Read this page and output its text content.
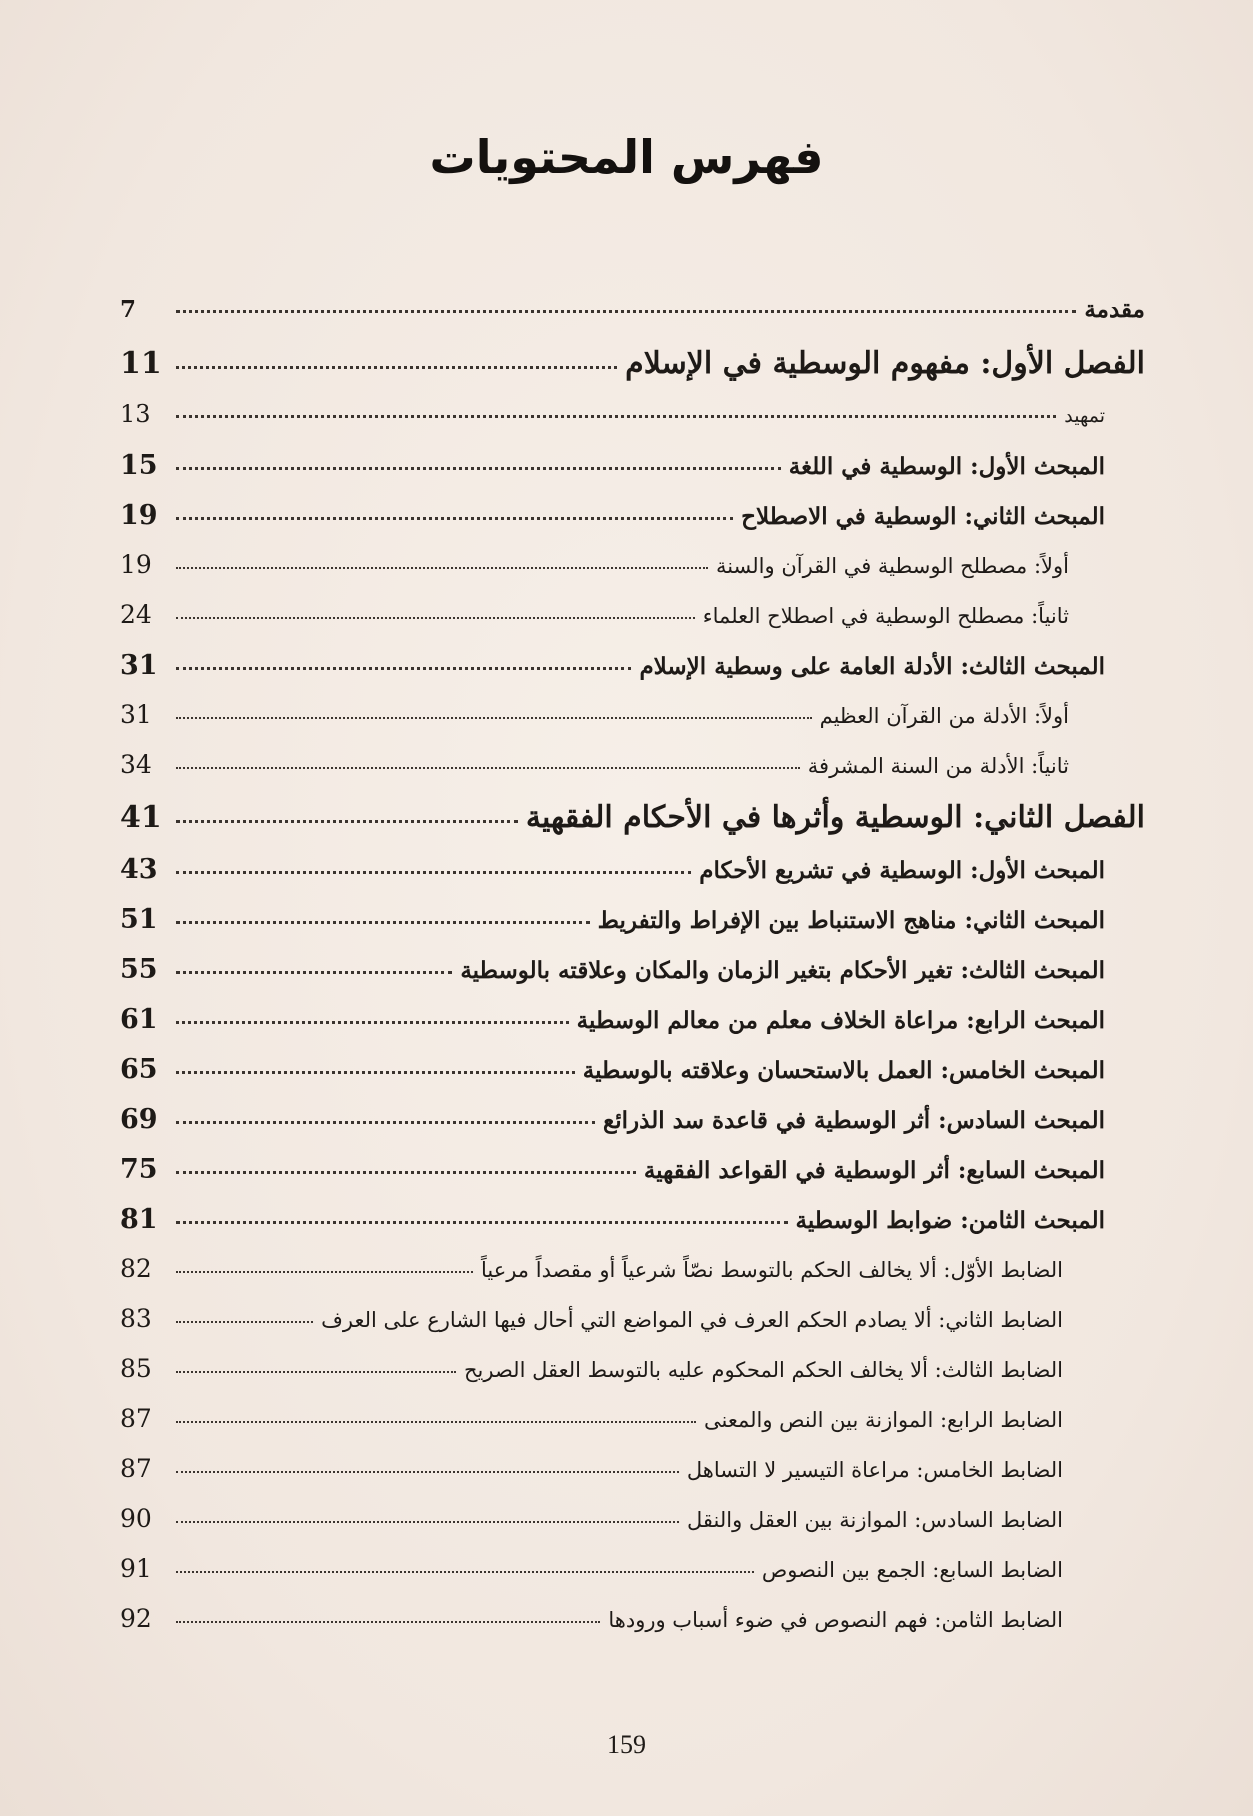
فهرس المحتويات
مقدمة
7
الفصل الأول: مفهوم الوسطية في الإسلام
11
تمهيد
13
المبحث الأول: الوسطية في اللغة
15
المبحث الثاني: الوسطية في الاصطلاح
19
أولاً: مصطلح الوسطية في القرآن والسنة
19
ثانياً: مصطلح الوسطية في اصطلاح العلماء
24
المبحث الثالث: الأدلة العامة على وسطية الإسلام
31
أولاً: الأدلة من القرآن العظيم
31
ثانياً: الأدلة من السنة المشرفة
34
الفصل الثاني: الوسطية وأثرها في الأحكام الفقهية
41
المبحث الأول: الوسطية في تشريع الأحكام
43
المبحث الثاني: مناهج الاستنباط بين الإفراط والتفريط
51
المبحث الثالث: تغير الأحكام بتغير الزمان والمكان وعلاقته بالوسطية
55
المبحث الرابع: مراعاة الخلاف معلم من معالم الوسطية
61
المبحث الخامس: العمل بالاستحسان وعلاقته بالوسطية
65
المبحث السادس: أثر الوسطية في قاعدة سد الذرائع
69
المبحث السابع: أثر الوسطية في القواعد الفقهية
75
المبحث الثامن: ضوابط الوسطية
81
الضابط الأوّل: ألا يخالف الحكم بالتوسط نصّاً شرعياً أو مقصداً مرعياً
82
الضابط الثاني: ألا يصادم الحكم العرف في المواضع التي أحال فيها الشارع على العرف
83
الضابط الثالث: ألا يخالف الحكم المحكوم عليه بالتوسط العقل الصريح
85
الضابط الرابع: الموازنة بين النص والمعنى
87
الضابط الخامس: مراعاة التيسير لا التساهل
87
الضابط السادس: الموازنة بين العقل والنقل
90
الضابط السابع: الجمع بين النصوص
91
الضابط الثامن: فهم النصوص في ضوء أسباب ورودها
92
159
